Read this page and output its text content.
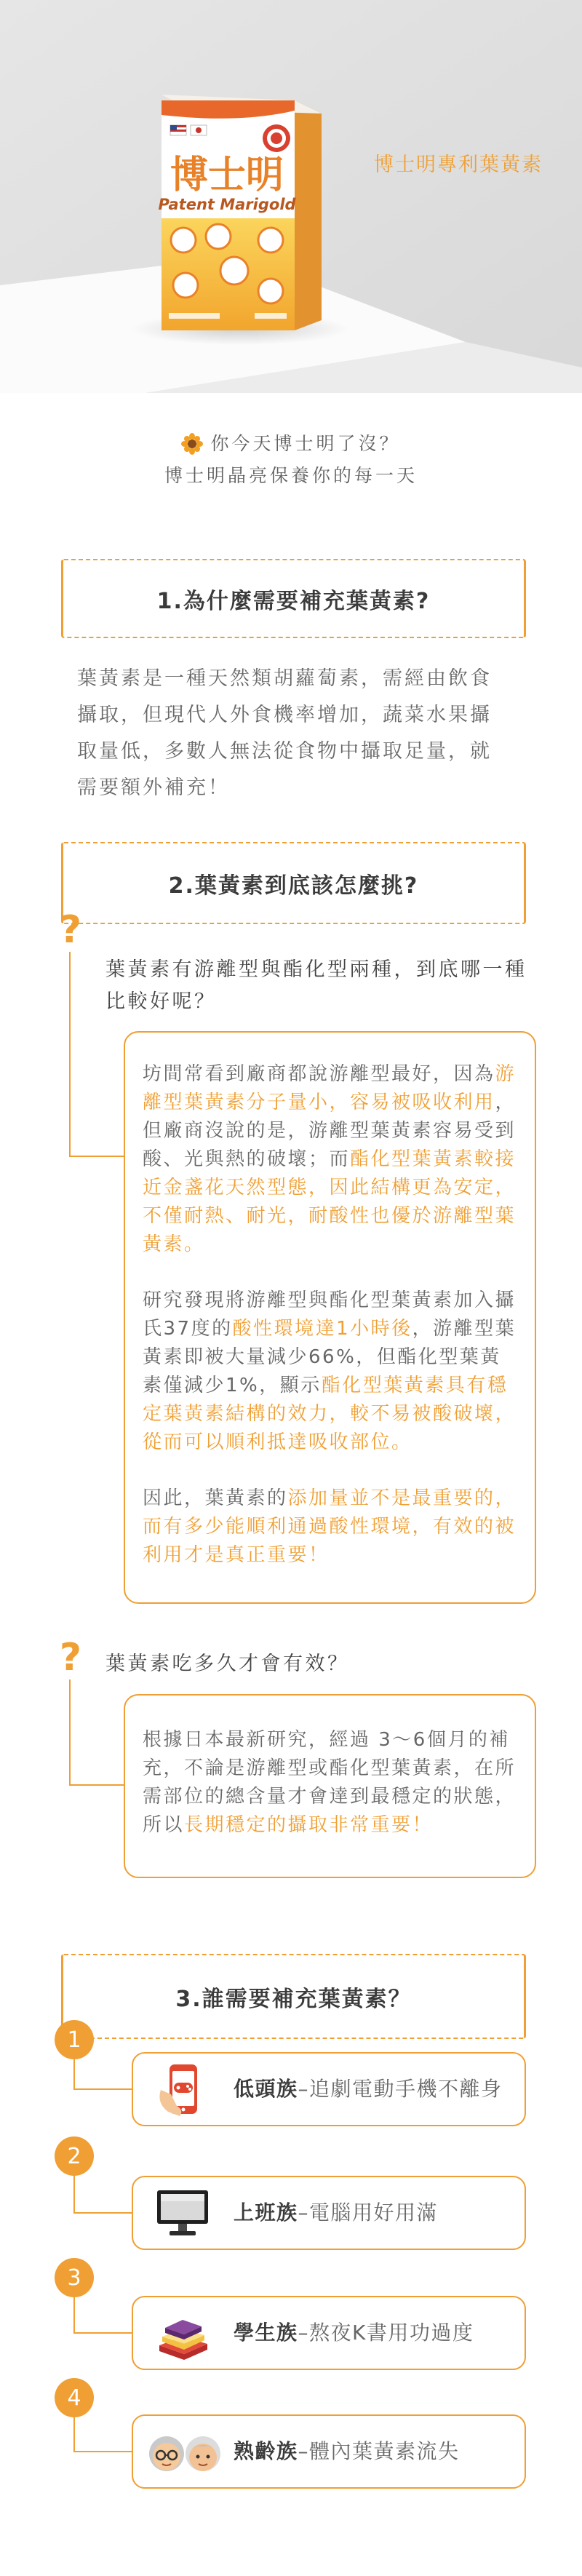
博士明
Patent Marigold
博士明專利葉黃素
你今天博士明了沒？
博士明晶亮保養你的每一天
1.為什麼需要補充葉黃素?

葉黃素是一種天然類胡蘿蔔素，需經由飲食攝取，但現代人外食機率增加，蔬菜水果攝取量低，多數人無法從食物中攝取足量，就需要額外補充！

2.葉黃素到底該怎麼挑?
?

葉黃素有游離型與酯化型兩種，到底哪一種比較好呢？

坊間常看到廠商都說游離型最好，因為游離型葉黃素分子量小，容易被吸收利用，但廠商沒說的是，游離型葉黃素容易受到酸、光與熱的破壞；而酯化型葉黃素較接近金盞花天然型態，因此結構更為安定，不僅耐熱、耐光，耐酸性也優於游離型葉黃素。

研究發現將游離型與酯化型葉黃素加入攝氏37度的酸性環境達1小時後，游離型葉黃素即被大量減少66%，但酯化型葉黃素僅減少1%，顯示酯化型葉黃素具有穩定葉黃素結構的效力，較不易被酸破壞，從而可以順利抵達吸收部位。

因此，葉黃素的添加量並不是最重要的，而有多少能順利通過酸性環境，有效的被利用才是真正重要！

? 葉黃素吃多久才會有效？

根據日本最新研究，經過 3～6個月的補充，不論是游離型或酯化型葉黃素，在所需部位的總含量才會達到最穩定的狀態，所以長期穩定的攝取非常重要！

3.誰需要補充葉黃素？
1
低頭族–追劇電動手機不離身
2
上班族–電腦用好用滿
3
學生族–熬夜K書用功過度
4
熟齡族–體內葉黃素流失
